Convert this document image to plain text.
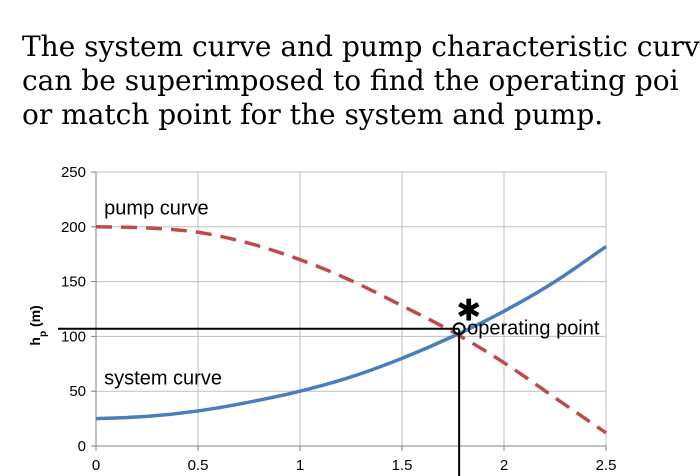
The system curve and pump characteristic curv
can be superimposed to find the operating poi
or match point for the system and pump.
0
50
100
150
200
250
0	0.5	1	1.5	2	2.5
$h_p$ (m)
pump curve
system curve
operating point
✱
